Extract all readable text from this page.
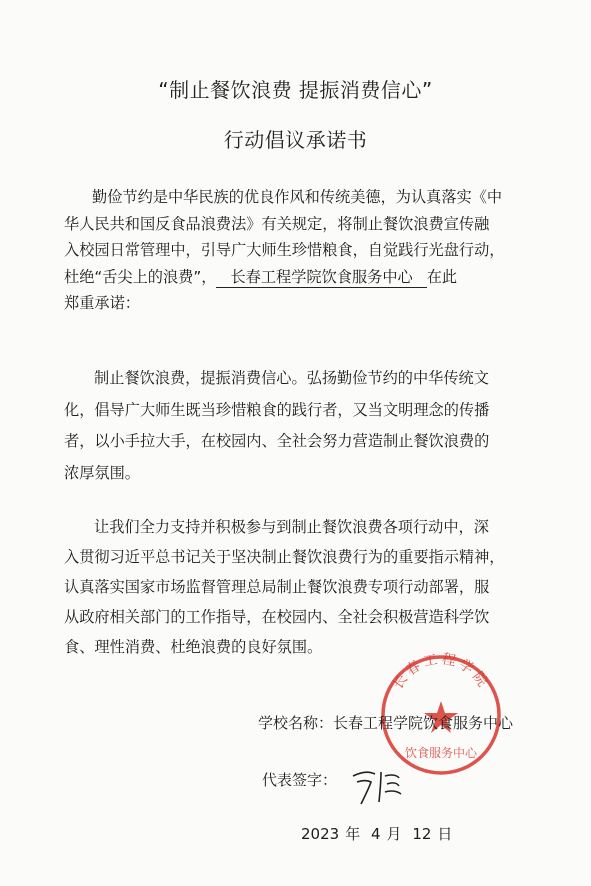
“制止餐饮浪费 提振消费信心”
行动倡议承诺书
勤俭节约是中华民族的优良作风和传统美德，为认真落实《中
华人民共和国反食品浪费法》有关规定，将制止餐饮浪费宣传融
入校园日常管理中，引导广大师生珍惜粮食，自觉践行光盘行动，
杜绝“舌尖上的浪费”， 长春工程学院饮食服务中心 在此
郑重承诺：
制止餐饮浪费，提振消费信心。弘扬勤俭节约的中华传统文
化，倡导广大师生既当珍惜粮食的践行者，又当文明理念的传播
者，以小手拉大手，在校园内、全社会努力营造制止餐饮浪费的
浓厚氛围。
让我们全力支持并积极参与到制止餐饮浪费各项行动中，深
入贯彻习近平总书记关于坚决制止餐饮浪费行为的重要指示精神，
认真落实国家市场监督管理总局制止餐饮浪费专项行动部署，服
从政府相关部门的工作指导，在校园内、全社会积极营造科学饮
食、理性消费、杜绝浪费的良好氛围。
长春工程学院
饮食服务中心
学校名称：长春工程学院饮食服务中心
代表签字：
2023 年 4 月 12 日
